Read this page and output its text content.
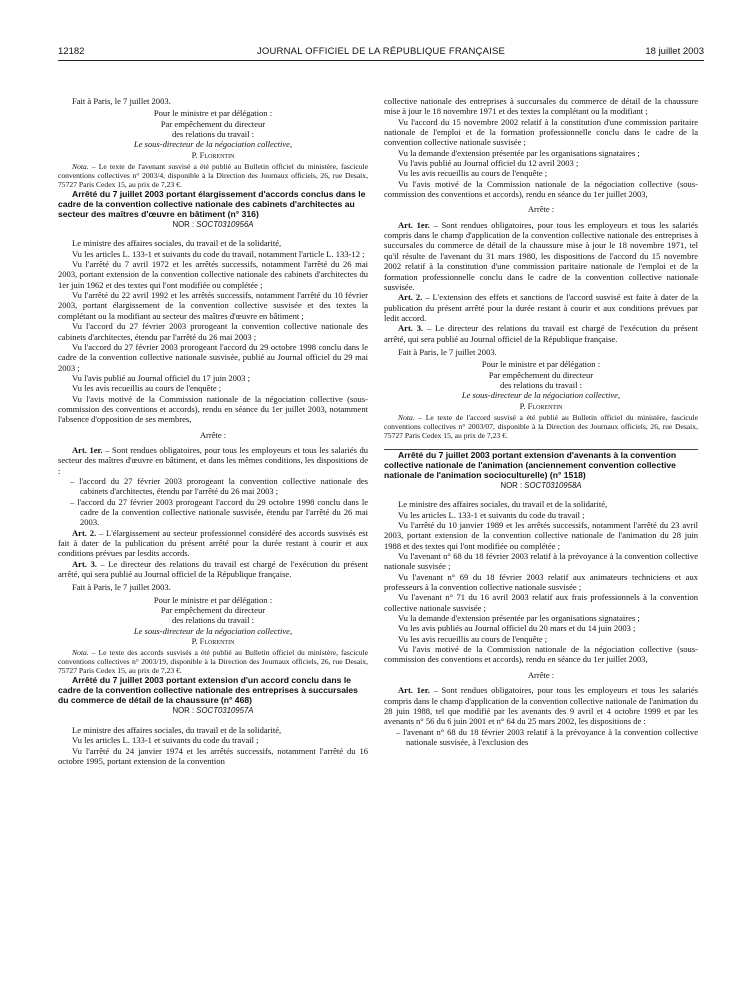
12182	JOURNAL OFFICIEL DE LA RÉPUBLIQUE FRANÇAISE	18 juillet 2003

Fait à Paris, le 7 juillet 2003.

Pour le ministre et par délégation :
Par empêchement du directeur
des relations du travail :
Le sous-directeur de la négociation collective,
P. Florentin

Nota. – Le texte de l'avenant susvisé a été publié au Bulletin officiel du ministère, fascicule conventions collectives n° 2003/4, disponible à la Direction des Journaux officiels, 26, rue Desaix, 75727 Paris Cedex 15, au prix de 7,23 €.

Arrêté du 7 juillet 2003 portant élargissement d'accords conclus dans le cadre de la convention collective nationale des cabinets d'architectes au secteur des maîtres d'œuvre en bâtiment (n° 316)

NOR : SOCT0310956A

Le ministre des affaires sociales, du travail et de la solidarité,

Vu les articles L. 133-1 et suivants du code du travail, notamment l'article L. 133-12 ;

Vu l'arrêté du 7 avril 1972 et les arrêtés successifs, notamment l'arrêté du 26 mai 2003, portant extension de la convention collective nationale des cabinets d'architectes du 1er juin 1962 et des textes qui l'ont modifiée ou complétée ;

Vu l'arrêté du 22 avril 1992 et les arrêtés successifs, notamment l'arrêté du 10 février 2003, portant élargissement de la convention collective susvisée et des textes la complétant ou la modifiant au secteur des maîtres d'œuvre en bâtiment ;

Vu l'accord du 27 février 2003 prorogeant la convention collective nationale des cabinets d'architectes, étendu par l'arrêté du 26 mai 2003 ;

Vu l'accord du 27 février 2003 prorogeant l'accord du 29 octobre 1998 conclu dans le cadre de la convention collective nationale susvisée, publié au Journal officiel du 29 mai 2003 ;

Vu l'avis publié au Journal officiel du 17 juin 2003 ;

Vu les avis recueillis au cours de l'enquête ;

Vu l'avis motivé de la Commission nationale de la négociation collective (sous-commission des conventions et accords), rendu en séance du 1er juillet 2003, notamment l'absence d'opposition de ses membres,

Arrête :

Art. 1er. – Sont rendues obligatoires, pour tous les employeurs et tous les salariés du secteur des maîtres d'œuvre en bâtiment, et dans les mêmes conditions, les dispositions de :

– l'accord du 27 février 2003 prorogeant la convention collective nationale des cabinets d'architectes, étendu par l'arrêté du 26 mai 2003 ;

– l'accord du 27 février 2003 prorogeant l'accord du 29 octobre 1998 conclu dans le cadre de la convention collective nationale susvisée, étendu par l'arrêté du 26 mai 2003.

Art. 2. – L'élargissement au secteur professionnel considéré des accords susvisés est fait à dater de la publication du présent arrêté pour la durée restant à courir et aux conditions prévues par lesdits accords.

Art. 3. – Le directeur des relations du travail est chargé de l'exécution du présent arrêté, qui sera publié au Journal officiel de la République française.

Fait à Paris, le 7 juillet 2003.

Pour le ministre et par délégation :
Par empêchement du directeur
des relations du travail :
Le sous-directeur de la négociation collective,
P. Florentin

Nota. – Le texte des accords susvisés a été publié au Bulletin officiel du ministère, fascicule conventions collectives n° 2003/19, disponible à la Direction des Journaux officiels, 26, rue Desaix, 75727 Paris Cedex 15, au prix de 7,23 €.

Arrêté du 7 juillet 2003 portant extension d'un accord conclu dans le cadre de la convention collective nationale des entreprises à succursales du commerce de détail de la chaussure (n° 468)

NOR : SOCT0310957A

Le ministre des affaires sociales, du travail et de la solidarité,

Vu les articles L. 133-1 et suivants du code du travail ;

Vu l'arrêté du 24 janvier 1974 et les arrêtés successifs, notamment l'arrêté du 16 octobre 1995, portant extension de la convention

collective nationale des entreprises à succursales du commerce de détail de la chaussure mise à jour le 18 novembre 1971 et des textes la complétant ou la modifiant ;

Vu l'accord du 15 novembre 2002 relatif à la constitution d'une commission paritaire nationale de l'emploi et de la formation professionnelle conclu dans le cadre de la convention collective nationale susvisée ;

Vu la demande d'extension présentée par les organisations signataires ;

Vu l'avis publié au Journal officiel du 12 avril 2003 ;

Vu les avis recueillis au cours de l'enquête ;

Vu l'avis motivé de la Commission nationale de la négociation collective (sous-commission des conventions et accords), rendu en séance du 1er juillet 2003,

Arrête :

Art. 1er. – Sont rendues obligatoires, pour tous les employeurs et tous les salariés compris dans le champ d'application de la convention collective nationale des entreprises à succursales du commerce de détail de la chaussure mise à jour le 18 novembre 1971, tel qu'il résulte de l'avenant du 31 mars 1980, les dispositions de l'accord du 15 novembre 2002 relatif à la constitution d'une commission paritaire nationale de l'emploi et de la formation professionnelle conclu dans le cadre de la convention collective nationale susvisée.

Art. 2. – L'extension des effets et sanctions de l'accord susvisé est faite à dater de la publication du présent arrêté pour la durée restant à courir et aux conditions prévues par ledit accord.

Art. 3. – Le directeur des relations du travail est chargé de l'exécution du présent arrêté, qui sera publié au Journal officiel de la République française.

Fait à Paris, le 7 juillet 2003.

Pour le ministre et par délégation :
Par empêchement du directeur
des relations du travail :
Le sous-directeur de la négociation collective,
P. Florentin

Nota. – Le texte de l'accord susvisé a été publié au Bulletin officiel du ministère, fascicule conventions collectives n° 2003/07, disponible à la Direction des Journaux officiels, 26, rue Desaix, 75727 Paris Cedex 15, au prix de 7,23 €.

Arrêté du 7 juillet 2003 portant extension d'avenants à la convention collective nationale de l'animation (anciennement convention collective nationale de l'animation socioculturelle) (n° 1518)

NOR : SOCT0310958A

Le ministre des affaires sociales, du travail et de la solidarité,

Vu les articles L. 133-1 et suivants du code du travail ;

Vu l'arrêté du 10 janvier 1989 et les arrêtés successifs, notamment l'arrêté du 23 avril 2003, portant extension de la convention collective nationale de l'animation du 28 juin 1988 et des textes qui l'ont modifiée ou complétée ;

Vu l'avenant n° 68 du 18 février 2003 relatif à la prévoyance à la convention collective nationale susvisée ;

Vu l'avenant n° 69 du 18 février 2003 relatif aux animateurs techniciens et aux professeurs à la convention collective nationale susvisée ;

Vu l'avenant n° 71 du 16 avril 2003 relatif aux frais professionnels à la convention collective nationale susvisée ;

Vu la demande d'extension présentée par les organisations signataires ;

Vu les avis publiés au Journal officiel du 20 mars et du 14 juin 2003 ;

Vu les avis recueillis au cours de l'enquête ;

Vu l'avis motivé de la Commission nationale de la négociation collective (sous-commission des conventions et accords), rendu en séance du 1er juillet 2003,

Arrête :

Art. 1er. – Sont rendues obligatoires, pour tous les employeurs et tous les salariés compris dans le champ d'application de la convention collective nationale de l'animation du 28 juin 1988, tel que modifié par les avenants des 9 avril et 4 octobre 1999 et par les avenants n° 56 du 6 juin 2001 et n° 64 du 25 mars 2002, les dispositions de :

– l'avenant n° 68 du 18 février 2003 relatif à la prévoyance à la convention collective nationale susvisée, à l'exclusion des
